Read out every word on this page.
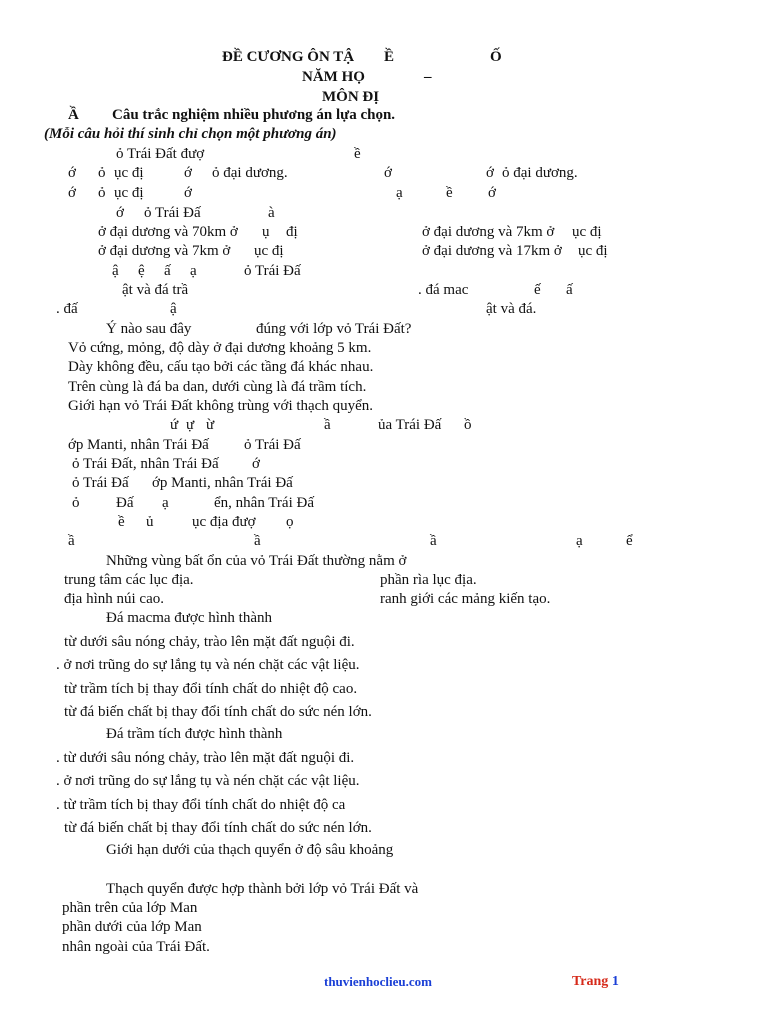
ĐỀ CƯƠNG ÔN TẬ Ề	Ố
NĂM HỌ	–
MÔN ĐỊ
Ầ Câu trắc nghiệm nhiều phương án lựa chọn.
(Mỗi câu hỏi thí sinh chỉ chọn một phương án)
ỏ Trái Đất đượ	ề
ớ ỏ ục đị	ớ ỏ đại dương.	ớ	ớ ỏ đại dương.
ớ ỏ ục đị	ớ	ạ	ề ớ
ớ ỏ Trái Đấ	à
ở đại dương và 70km ở ụ đị	ở đại dương và 7km ở ục đị
ở đại dương và 7km ở ục đị	ở đại dương và 17km ở ục đị
ậ ệ ấ ạ	ỏ Trái Đấ
ật và đá trầ	. đá mac	ế ấ
. đấ	ậ	ật và đá.
Ý nào sau đây	đúng với lớp vỏ Trái Đất?
Vỏ cứng, mỏng, độ dày ở đại dương khoảng 5 km.
Dày không đều, cấu tạo bởi các tầng đá khác nhau.
Trên cùng là đá ba dan, dưới cùng là đá trầm tích.
Giới hạn vỏ Trái Đất không trùng với thạch quyển.
ứ ự ừ	ầ	ủa Trái Đấ ồ
ớp Manti, nhân Trái Đấ ỏ Trái Đấ
ỏ Trái Đất, nhân Trái Đấ ớ
ỏ Trái Đấ ớp Manti, nhân Trái Đấ
ỏ Đấ ạ	ển, nhân Trái Đấ
ề ủ	ục địa đượ ọ
ầ	ầ	ầ	ạ	ể
Những vùng bất ổn của vỏ Trái Đất thường nằm ở
trung tâm các lục địa.	phần rìa lục địa.
địa hình núi cao.	ranh giới các mảng kiến tạo.
Đá macma được hình thành
từ dưới sâu nóng chảy, trào lên mặt đất nguội đi.
. ở nơi trũng do sự lắng tụ và nén chặt các vật liệu.
từ trầm tích bị thay đổi tính chất do nhiệt độ cao.
từ đá biến chất bị thay đổi tính chất do sức nén lớn.
Đá trầm tích được hình thành
. từ dưới sâu nóng chảy, trào lên mặt đất nguội đi.
. ở nơi trũng do sự lắng tụ và nén chặt các vật liệu.
. từ trầm tích bị thay đổi tính chất do nhiệt độ ca
từ đá biến chất bị thay đổi tính chất do sức nén lớn.
Giới hạn dưới của thạch quyển ở độ sâu khoảng
Thạch quyển được hợp thành bởi lớp vỏ Trái Đất và
phần trên của lớp Man
phần dưới của lớp Man
nhân ngoài của Trái Đất.
thuvienhoclieu.com	Trang 1
